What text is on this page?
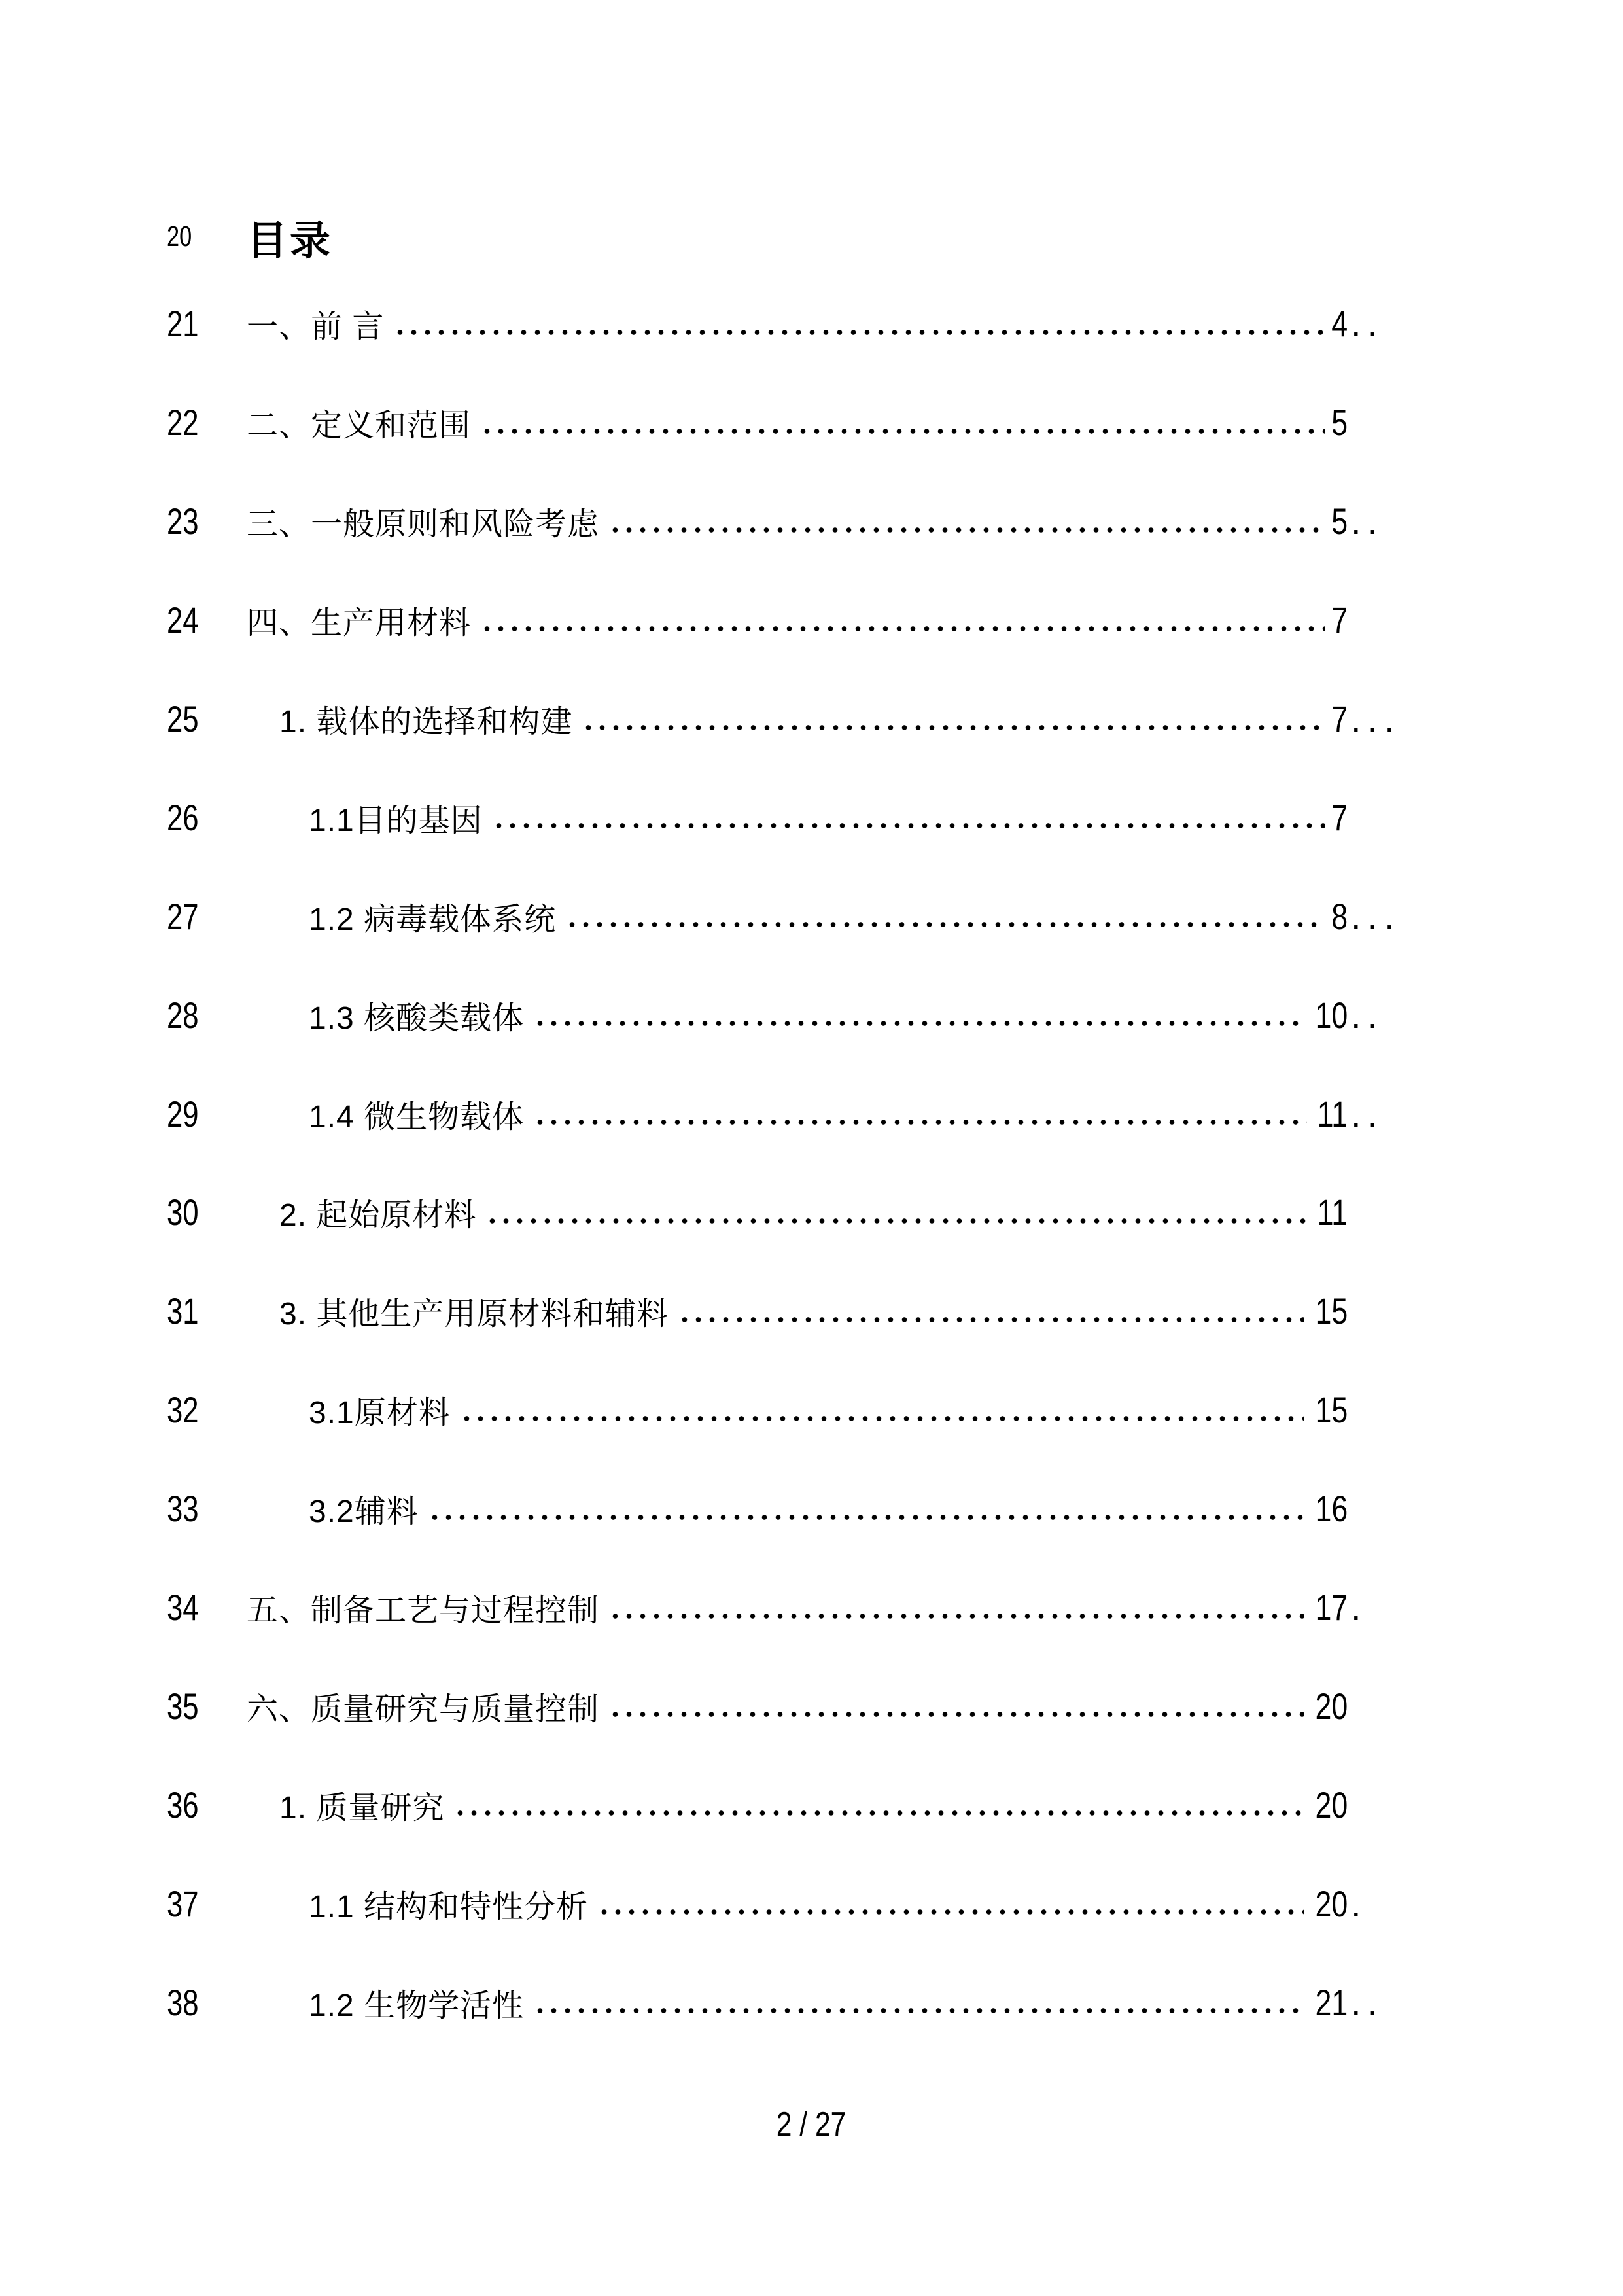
20	目录
21	一、前 言	4 ..
22	二、定义和范围	5
23	三、一般原则和风险考虑	5 ..
24	四、生产用材料	7
25	1. 载体的选择和构建	7 ...
26	1.1目的基因	7
27	1.2 病毒载体系统	8 ...
28	1.3 核酸类载体	10 ..
29	1.4 微生物载体	11 ..
30	2. 起始原材料	11
31	3. 其他生产用原材料和辅料	15
32	3.1原材料	15
33	3.2辅料	16
34	五、制备工艺与过程控制	17 .
35	六、质量研究与质量控制	20
36	1. 质量研究	20
37	1.1 结构和特性分析	20 .
38	1.2 生物学活性	21 ..
2 / 27
